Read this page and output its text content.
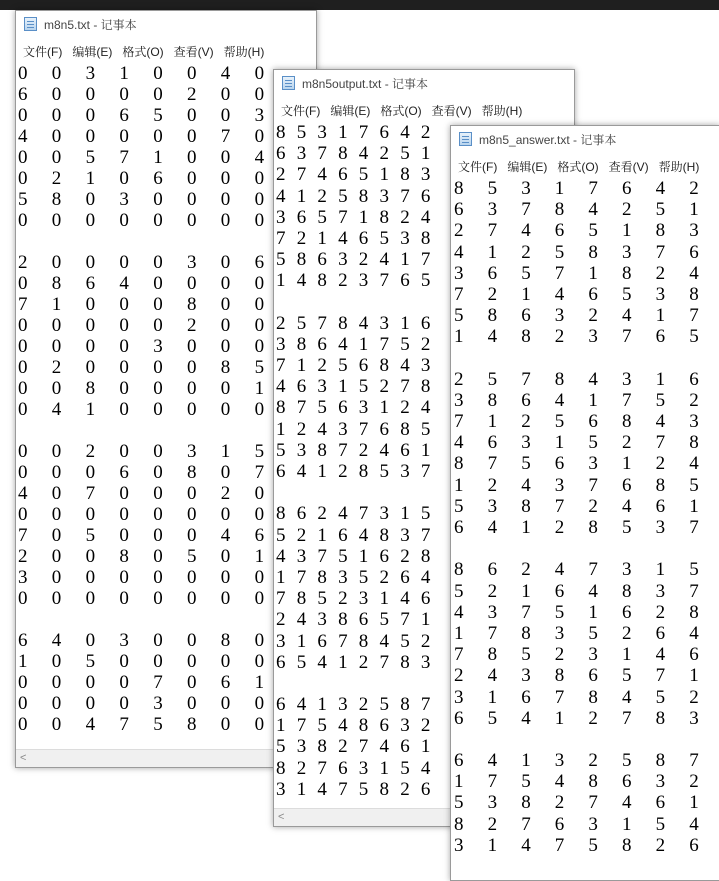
m8n5.txt - 记事本
文件(F) 编辑(E) 格式(O) 查看(V) 帮助(H)
0 0 3 1 0 0 4 0
6 0 0 0 0 2 0 0
0 0 0 6 5 0 0 3
4 0 0 0 0 0 7 0
0 0 5 7 1 0 0 4
0 2 1 0 6 0 0 0
5 8 0 3 0 0 0 0
0 0 0 0 0 0 0 0
2 0 0 0 0 3 0 6
0 8 6 4 0 0 0 0
7 1 0 0 0 8 0 0
0 0 0 0 0 2 0 0
0 0 0 0 3 0 0 0
0 2 0 0 0 0 8 5
0 0 8 0 0 0 0 1
0 4 1 0 0 0 0 0
0 0 2 0 0 3 1 5
0 0 0 6 0 8 0 7
4 0 7 0 0 0 2 0
0 0 0 0 0 0 0 0
7 0 5 0 0 0 4 6
2 0 0 8 0 5 0 1
3 0 0 0 0 0 0 0
0 0 0 0 0 0 0 0
6 4 0 3 0 0 8 0
1 0 5 0 0 0 0 0
0 0 0 0 7 0 6 1
0 0 0 0 3 0 0 0
0 0 4 7 5 8 0 0
<
m8n5output.txt - 记事本
文件(F) 编辑(E) 格式(O) 查看(V) 帮助(H)
8 5 3 1 7 6 4 2
6 3 7 8 4 2 5 1
2 7 4 6 5 1 8 3
4 1 2 5 8 3 7 6
3 6 5 7 1 8 2 4
7 2 1 4 6 5 3 8
5 8 6 3 2 4 1 7
1 4 8 2 3 7 6 5
2 5 7 8 4 3 1 6
3 8 6 4 1 7 5 2
7 1 2 5 6 8 4 3
4 6 3 1 5 2 7 8
8 7 5 6 3 1 2 4
1 2 4 3 7 6 8 5
5 3 8 7 2 4 6 1
6 4 1 2 8 5 3 7
8 6 2 4 7 3 1 5
5 2 1 6 4 8 3 7
4 3 7 5 1 6 2 8
1 7 8 3 5 2 6 4
7 8 5 2 3 1 4 6
2 4 3 8 6 5 7 1
3 1 6 7 8 4 5 2
6 5 4 1 2 7 8 3
6 4 1 3 2 5 8 7
1 7 5 4 8 6 3 2
5 3 8 2 7 4 6 1
8 2 7 6 3 1 5 4
3 1 4 7 5 8 2 6
<
m8n5_answer.txt - 记事本
文件(F) 编辑(E) 格式(O) 查看(V) 帮助(H)
8 5 3 1 7 6 4 2
6 3 7 8 4 2 5 1
2 7 4 6 5 1 8 3
4 1 2 5 8 3 7 6
3 6 5 7 1 8 2 4
7 2 1 4 6 5 3 8
5 8 6 3 2 4 1 7
1 4 8 2 3 7 6 5
2 5 7 8 4 3 1 6
3 8 6 4 1 7 5 2
7 1 2 5 6 8 4 3
4 6 3 1 5 2 7 8
8 7 5 6 3 1 2 4
1 2 4 3 7 6 8 5
5 3 8 7 2 4 6 1
6 4 1 2 8 5 3 7
8 6 2 4 7 3 1 5
5 2 1 6 4 8 3 7
4 3 7 5 1 6 2 8
1 7 8 3 5 2 6 4
7 8 5 2 3 1 4 6
2 4 3 8 6 5 7 1
3 1 6 7 8 4 5 2
6 5 4 1 2 7 8 3
6 4 1 3 2 5 8 7
1 7 5 4 8 6 3 2
5 3 8 2 7 4 6 1
8 2 7 6 3 1 5 4
3 1 4 7 5 8 2 6
